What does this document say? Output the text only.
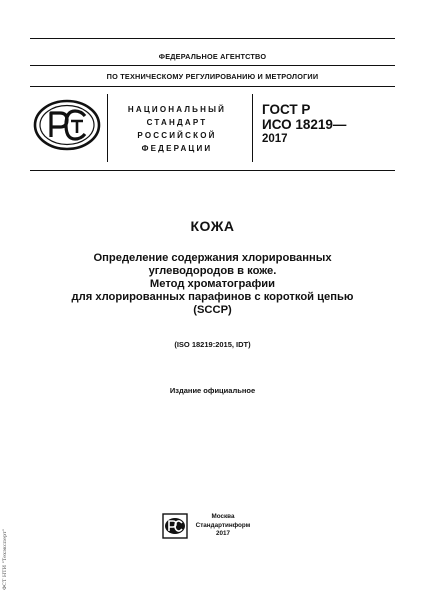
ФЕДЕРАЛЬНОЕ АГЕНТСТВО
ПО ТЕХНИЧЕСКОМУ РЕГУЛИРОВАНИЮ И МЕТРОЛОГИИ
НАЦИОНАЛЬНЫЙ
СТАНДАРТ
РОССИЙСКОЙ
ФЕДЕРАЦИИ
ГОСТ Р
ИСО 18219—
2017
КОЖА
Определение содержания хлорированных
углеводородов в коже.
Метод хроматографии
для хлорированных парафинов с короткой цепью
(SCCP)
(ISO 18219:2015, IDT)
Издание официальное
Москва
Стандартинформ
2017
ФСТ НТИ "Техэксперт"
